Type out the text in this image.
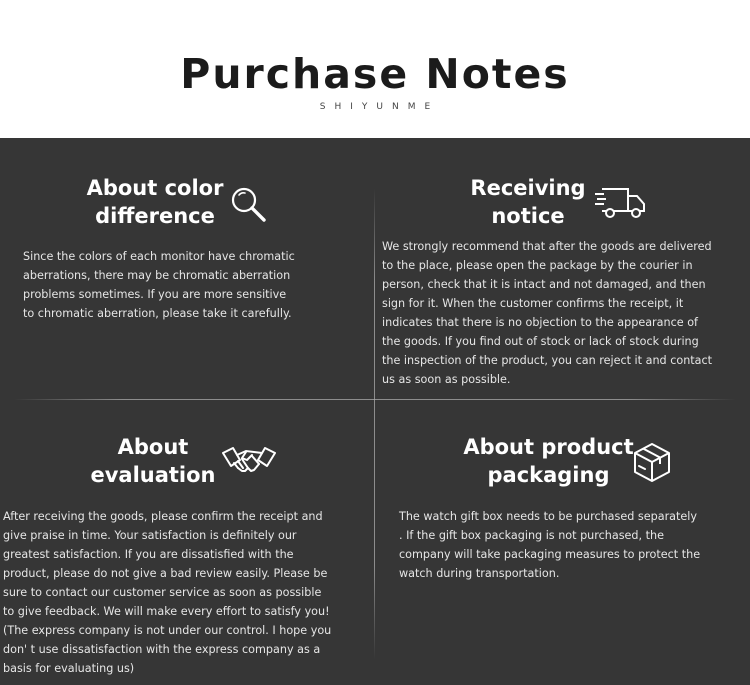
Purchase Notes
SHIYUNME
About color
difference
Since the colors of each monitor have chromatic
aberrations, there may be chromatic aberration
problems sometimes. If you are more sensitive
to chromatic aberration, please take it carefully.
Receiving
notice
We strongly recommend that after the goods are delivered
to the place, please open the package by the courier in
person, check that it is intact and not damaged, and then
sign for it. When the customer confirms the receipt, it
indicates that there is no objection to the appearance of
the goods. If you find out of stock or lack of stock during
the inspection of the product, you can reject it and contact
us as soon as possible.
About
evaluation
After receiving the goods, please confirm the receipt and
give praise in time. Your satisfaction is definitely our
greatest satisfaction. If you are dissatisfied with the
product, please do not give a bad review easily. Please be
sure to contact our customer service as soon as possible
to give feedback. We will make every effort to satisfy you!
(The express company is not under our control. I hope you
don' t use dissatisfaction with the express company as a
basis for evaluating us)
About product
packaging
The watch gift box needs to be purchased separately
. If the gift box packaging is not purchased, the
company will take packaging measures to protect the
watch during transportation.
